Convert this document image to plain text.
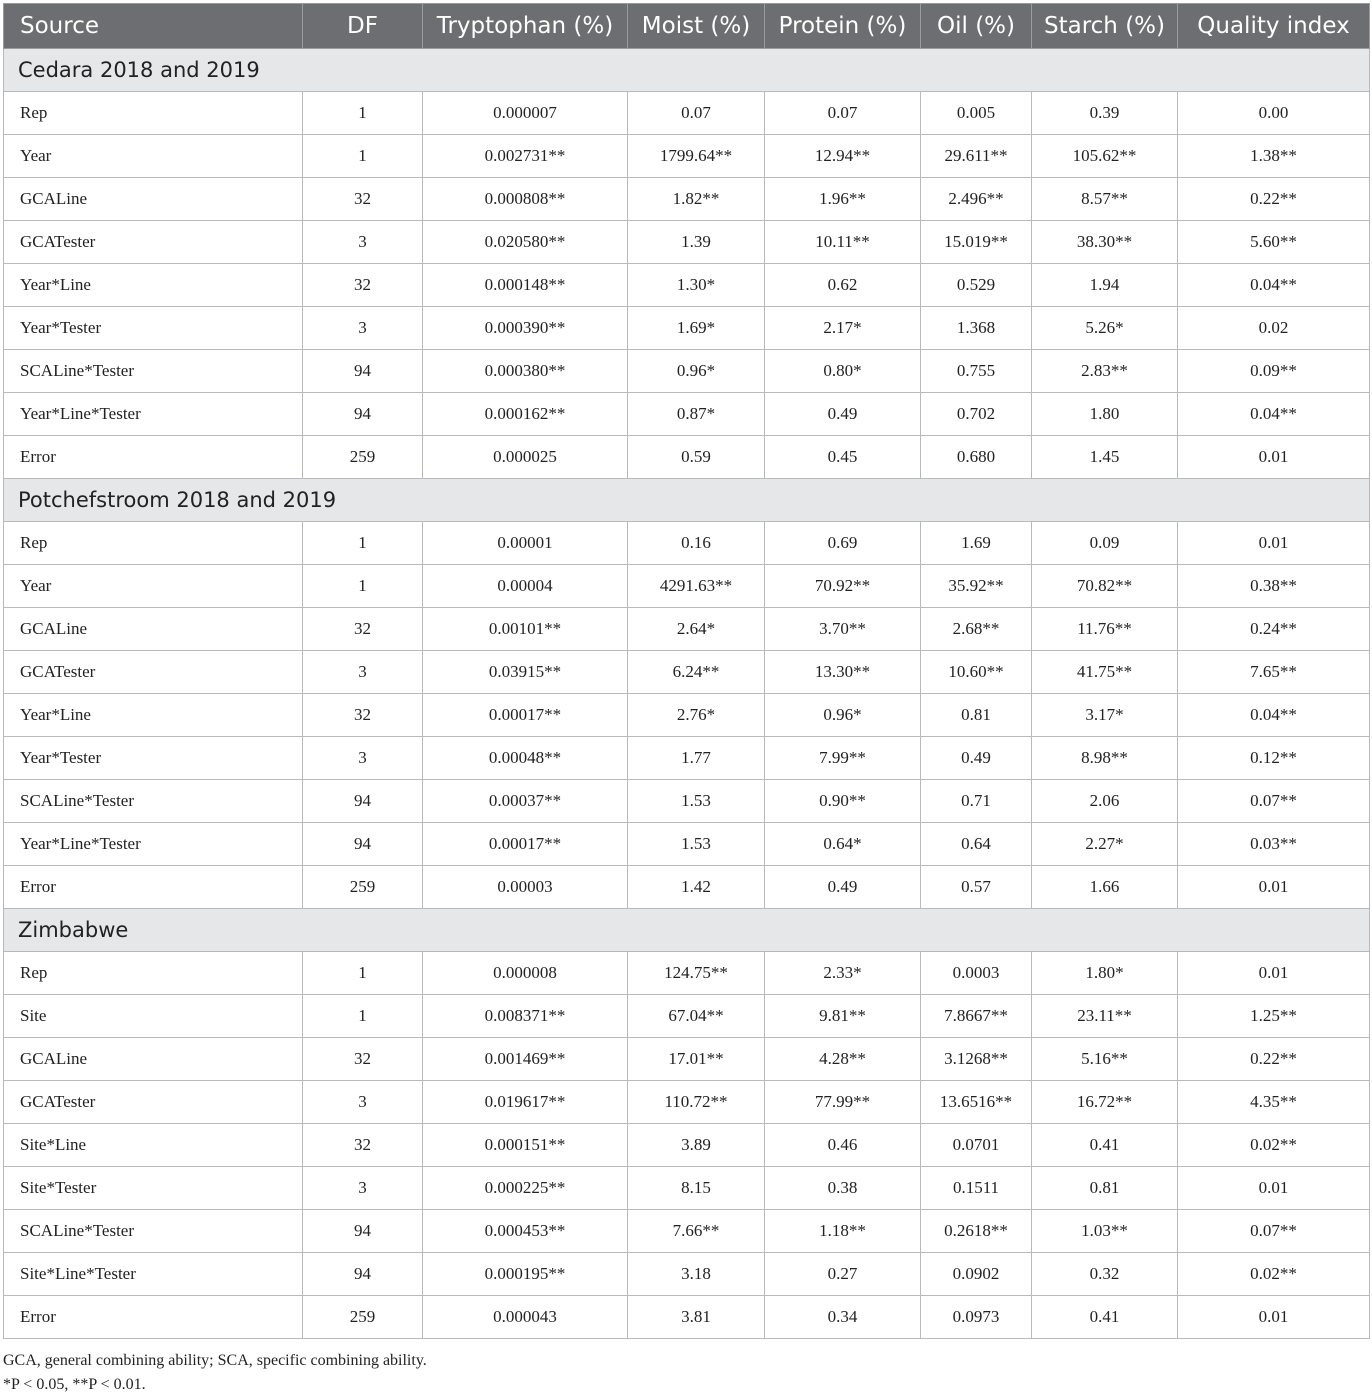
Source	DF	Tryptophan (%)	Moist (%)	Protein (%)	Oil (%)	Starch (%)	Quality index
Cedara 2018 and 2019							
Rep	1	0.000007	0.07	0.07	0.005	0.39	0.00
Year	1	0.002731**	1799.64**	12.94**	29.611**	105.62**	1.38**
GCALine	32	0.000808**	1.82**	1.96**	2.496**	8.57**	0.22**
GCATester	3	0.020580**	1.39	10.11**	15.019**	38.30**	5.60**
Year*Line	32	0.000148**	1.30*	0.62	0.529	1.94	0.04**
Year*Tester	3	0.000390**	1.69*	2.17*	1.368	5.26*	0.02
SCALine*Tester	94	0.000380**	0.96*	0.80*	0.755	2.83**	0.09**
Year*Line*Tester	94	0.000162**	0.87*	0.49	0.702	1.80	0.04**
Error	259	0.000025	0.59	0.45	0.680	1.45	0.01
Potchefstroom 2018 and 2019							
Rep	1	0.00001	0.16	0.69	1.69	0.09	0.01
Year	1	0.00004	4291.63**	70.92**	35.92**	70.82**	0.38**
GCALine	32	0.00101**	2.64*	3.70**	2.68**	11.76**	0.24**
GCATester	3	0.03915**	6.24**	13.30**	10.60**	41.75**	7.65**
Year*Line	32	0.00017**	2.76*	0.96*	0.81	3.17*	0.04**
Year*Tester	3	0.00048**	1.77	7.99**	0.49	8.98**	0.12**
SCALine*Tester	94	0.00037**	1.53	0.90**	0.71	2.06	0.07**
Year*Line*Tester	94	0.00017**	1.53	0.64*	0.64	2.27*	0.03**
Error	259	0.00003	1.42	0.49	0.57	1.66	0.01
Zimbabwe							
Rep	1	0.000008	124.75**	2.33*	0.0003	1.80*	0.01
Site	1	0.008371**	67.04**	9.81**	7.8667**	23.11**	1.25**
GCALine	32	0.001469**	17.01**	4.28**	3.1268**	5.16**	0.22**
GCATester	3	0.019617**	110.72**	77.99**	13.6516**	16.72**	4.35**
Site*Line	32	0.000151**	3.89	0.46	0.0701	0.41	0.02**
Site*Tester	3	0.000225**	8.15	0.38	0.1511	0.81	0.01
SCALine*Tester	94	0.000453**	7.66**	1.18**	0.2618**	1.03**	0.07**
Site*Line*Tester	94	0.000195**	3.18	0.27	0.0902	0.32	0.02**
Error	259	0.000043	3.81	0.34	0.0973	0.41	0.01
GCA, general combining ability; SCA, specific combining ability.
*P < 0.05, **P < 0.01.
